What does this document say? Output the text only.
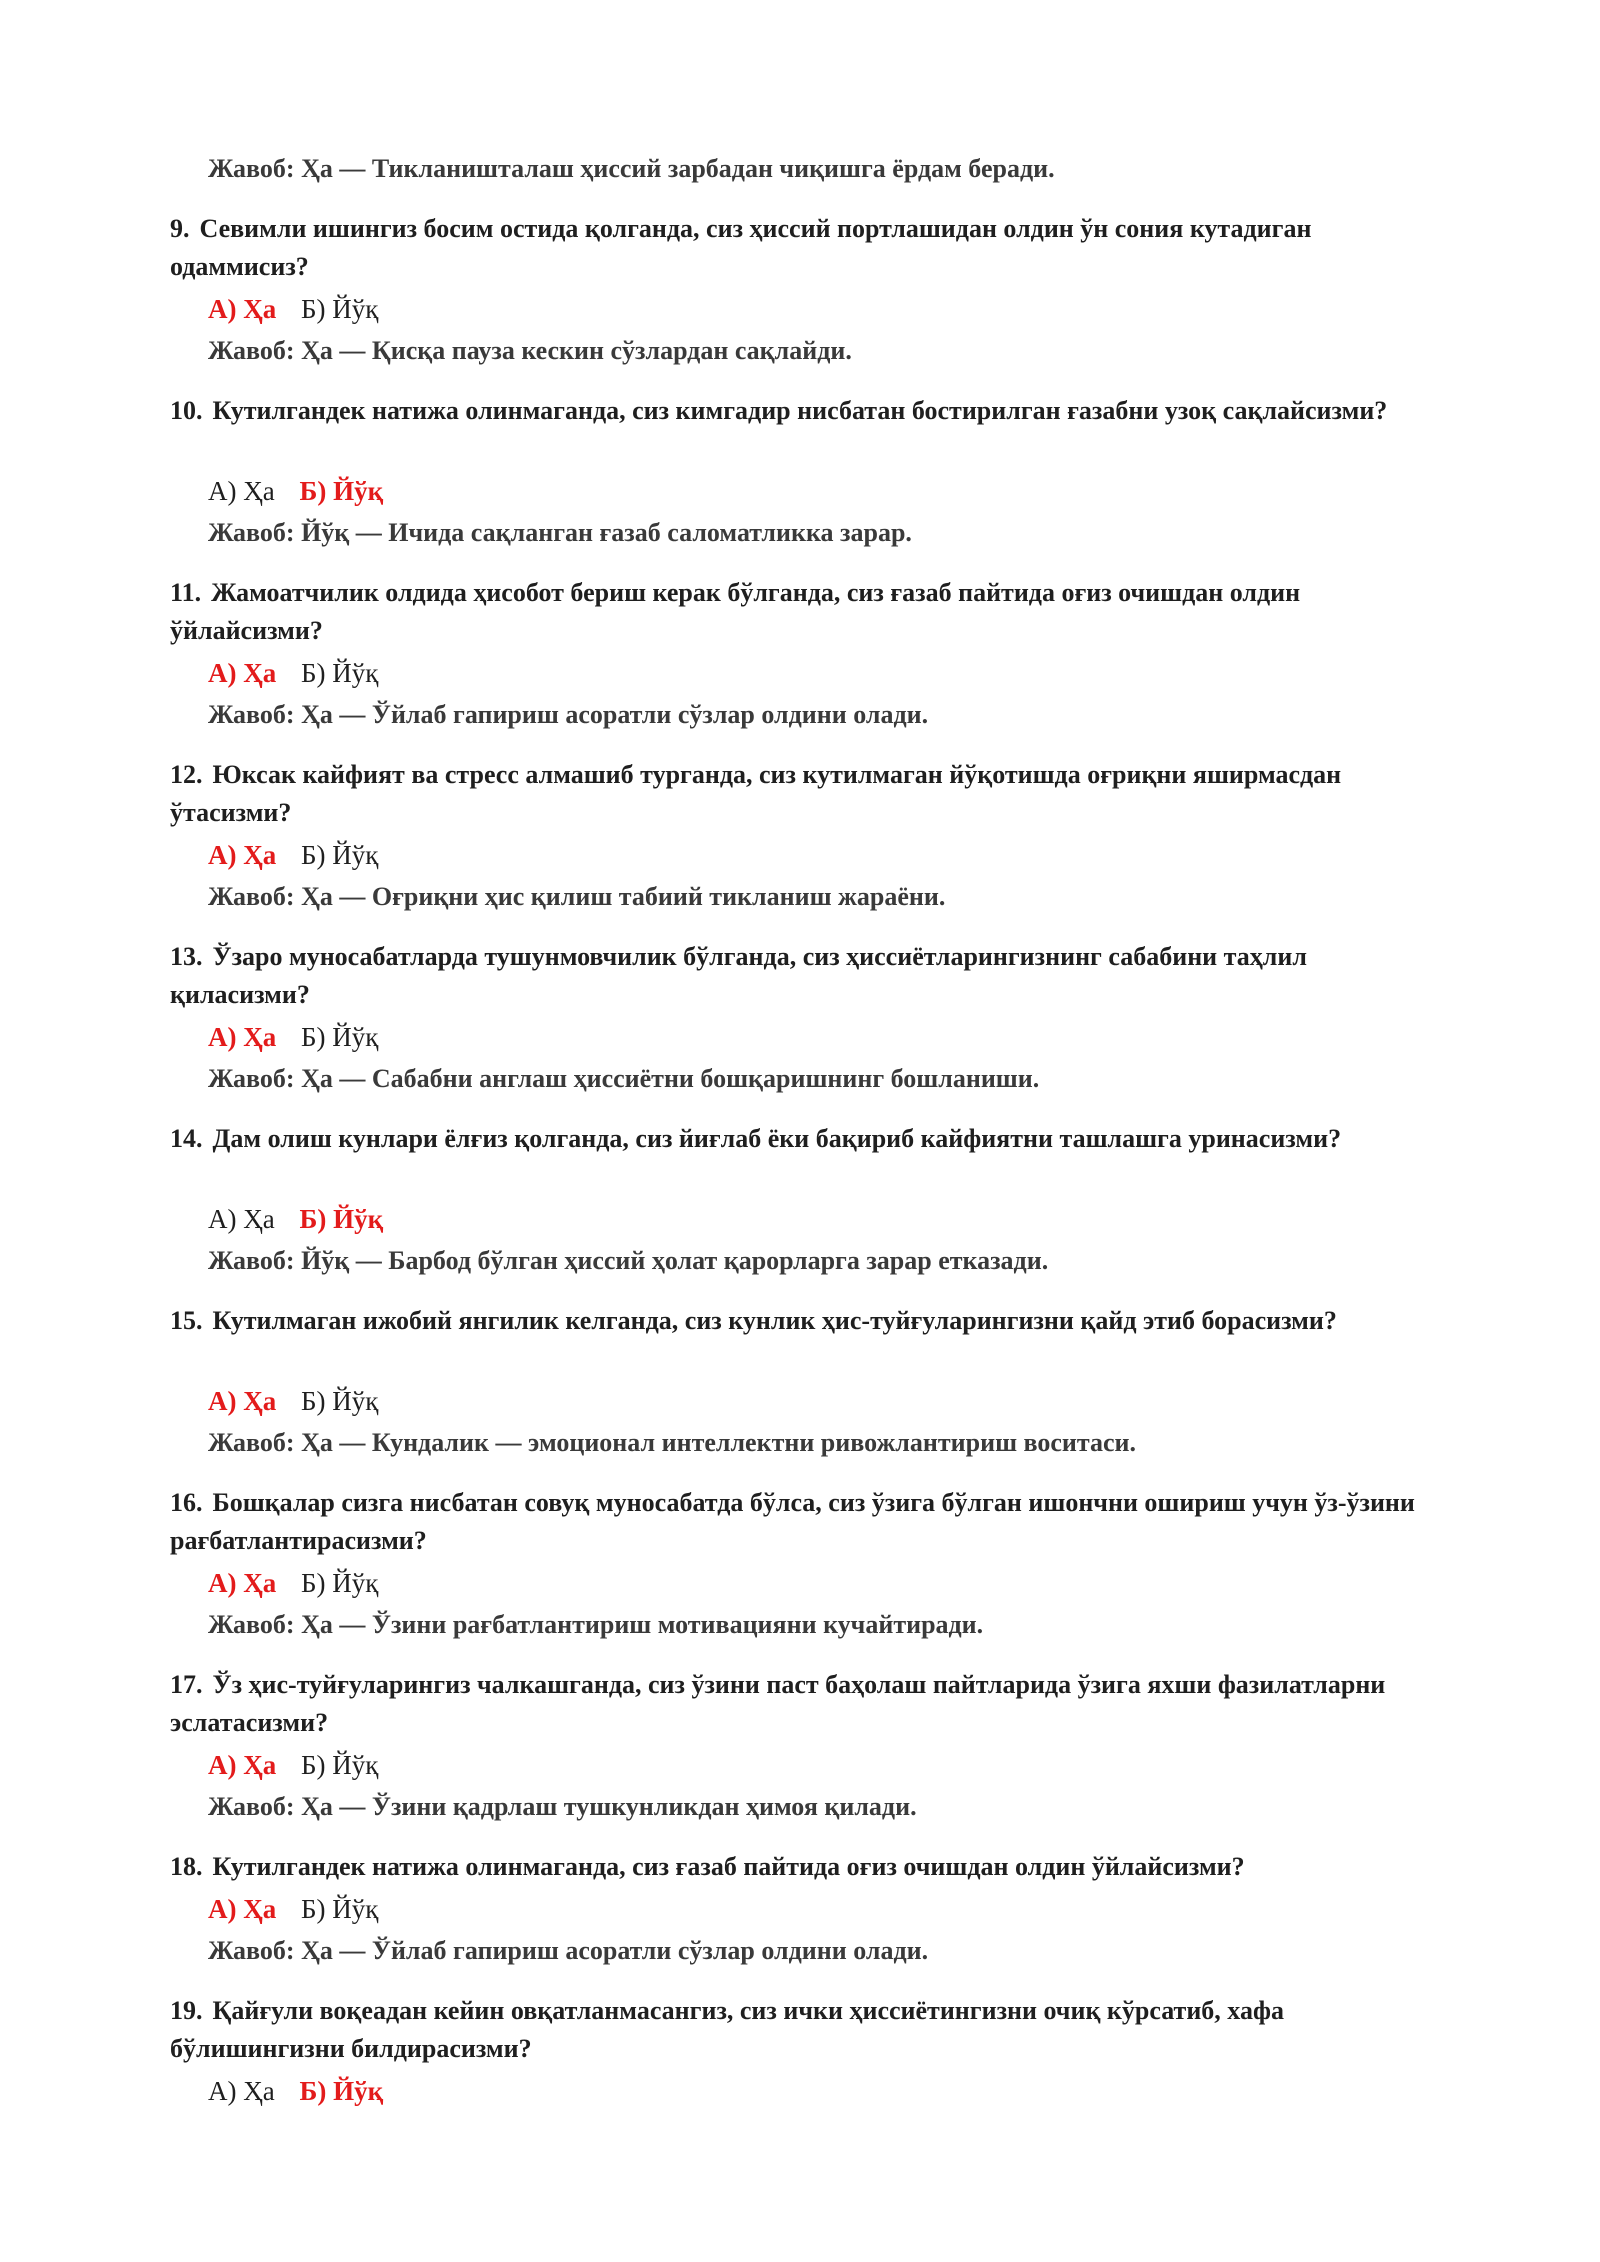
Жавоб: Ҳа — Тикланишталаш ҳиссий зарбадан чиқишга ёрдам беради.
9. Севимли ишингиз босим остида қолганда, сиз ҳиссий портлашидан олдин ўн сония кутадиган одаммисиз?
А) Ҳа Б) Йўқ
Жавоб: Ҳа — Қисқа пауза кескин сўзлардан сақлайди.
10. Кутилгандек натижа олинмаганда, сиз кимгадир нисбатан бостирилган ғазабни узоқ сақлайсизми?
А) Ҳа Б) Йўқ
Жавоб: Йўқ — Ичида сақланган ғазаб саломатликка зарар.
11. Жамоатчилик олдида ҳисобот бериш керак бўлганда, сиз ғазаб пайтида оғиз очишдан олдин ўйлайсизми?
А) Ҳа Б) Йўқ
Жавоб: Ҳа — Ўйлаб гапириш асоратли сўзлар олдини олади.
12. Юксак кайфият ва стресс алмашиб турганда, сиз кутилмаган йўқотишда оғриқни яширмасдан ўтасизми?
А) Ҳа Б) Йўқ
Жавоб: Ҳа — Оғриқни ҳис қилиш табиий тикланиш жараёни.
13. Ўзаро муносабатларда тушунмовчилик бўлганда, сиз ҳиссиётларингизнинг сабабини таҳлил қиласизми?
А) Ҳа Б) Йўқ
Жавоб: Ҳа — Сабабни англаш ҳиссиётни бошқаришнинг бошланиши.
14. Дам олиш кунлари ёлғиз қолганда, сиз йиғлаб ёки бақириб кайфиятни ташлашга уринасизми?
А) Ҳа Б) Йўқ
Жавоб: Йўқ — Барбод бўлган ҳиссий ҳолат қарорларга зарар етказади.
15. Кутилмаган ижобий янгилик келганда, сиз кунлик ҳис-туйғуларингизни қайд этиб борасизми?
А) Ҳа Б) Йўқ
Жавоб: Ҳа — Кундалик — эмоционал интеллектни ривожлантириш воситаси.
16. Бошқалар сизга нисбатан совуқ муносабатда бўлса, сиз ўзига бўлган ишончни ошириш учун ўз-ўзини рағбатлантирасизми?
А) Ҳа Б) Йўқ
Жавоб: Ҳа — Ўзини рағбатлантириш мотивацияни кучайтиради.
17. Ўз ҳис-туйғуларингиз чалкашганда, сиз ўзини паст баҳолаш пайтларида ўзига яхши фазилатларни эслатасизми?
А) Ҳа Б) Йўқ
Жавоб: Ҳа — Ўзини қадрлаш тушкунликдан ҳимоя қилади.
18. Кутилгандек натижа олинмаганда, сиз ғазаб пайтида оғиз очишдан олдин ўйлайсизми?
А) Ҳа Б) Йўқ
Жавоб: Ҳа — Ўйлаб гапириш асоратли сўзлар олдини олади.
19. Қайғули воқеадан кейин овқатланмасангиз, сиз ички ҳиссиётингизни очиқ кўрсатиб, хафа бўлишингизни билдирасизми?
А) Ҳа Б) Йўқ
